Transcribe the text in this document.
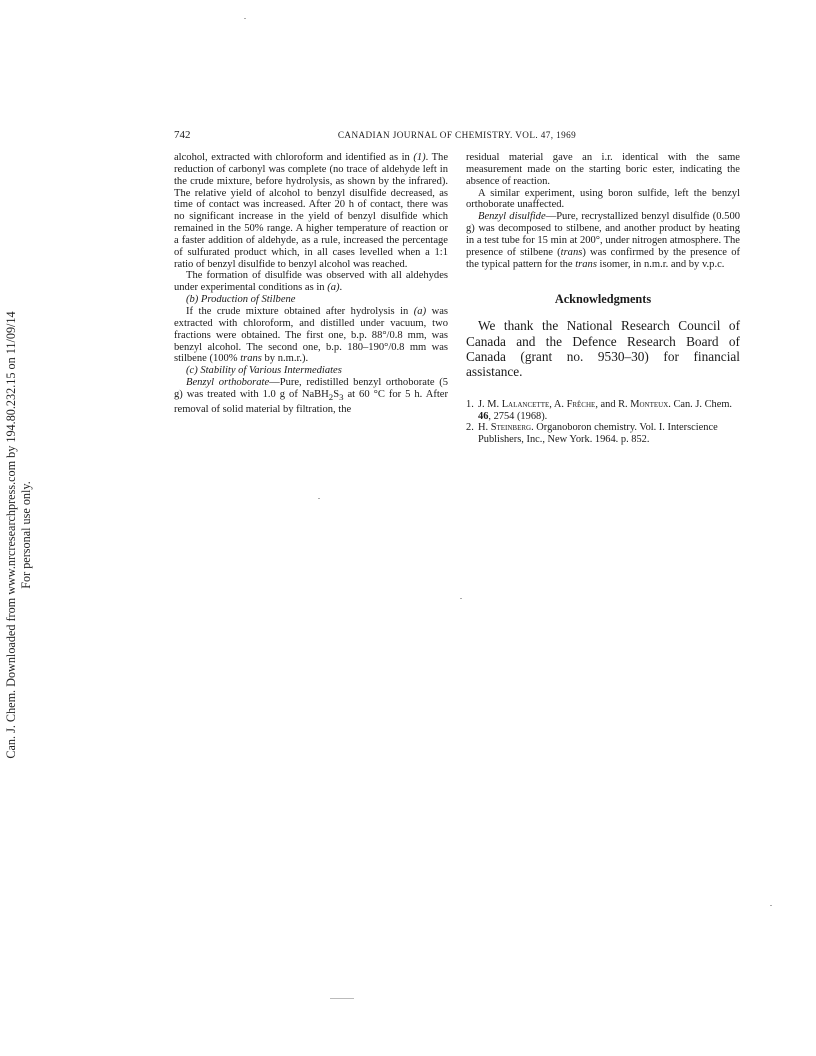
Can. J. Chem. Downloaded from www.nrcresearchpress.com by 194.80.232.15 on 11/09/14 For personal use only.
742	CANADIAN JOURNAL OF CHEMISTRY. VOL. 47, 1969

alcohol, extracted with chloroform and identified as in (1). The reduction of carbonyl was complete (no trace of aldehyde left in the crude mixture, before hydrolysis, as shown by the infrared). The relative yield of alcohol to benzyl disulfide decreased, as time of contact was increased. After 20 h of contact, there was no significant increase in the yield of benzyl disulfide which remained in the 50% range. A higher temperature of reaction or a faster addition of aldehyde, as a rule, increased the percentage of sulfurated product which, in all cases levelled when a 1:1 ratio of benzyl disulfide to benzyl alcohol was reached.

The formation of disulfide was observed with all aldehydes under experimental conditions as in (a).

(b) Production of Stilbene

If the crude mixture obtained after hydrolysis in (a) was extracted with chloroform, and distilled under vacuum, two fractions were obtained. The first one, b.p. 88°/0.8 mm, was benzyl alcohol. The second one, b.p. 180–190°/0.8 mm was stilbene (100% trans by n.m.r.).

(c) Stability of Various Intermediates

Benzyl orthoborate—Pure, redistilled benzyl orthoborate (5 g) was treated with 1.0 g of $NaBH_2S_3$ at 60 °C for 5 h. After removal of solid material by filtration, the

residual material gave an i.r. identical with the same measurement made on the starting boric ester, indicating the absence of reaction.

A similar experiment, using boron sulfide, left the benzyl orthoborate unaffected.

Benzyl disulfide—Pure, recrystallized benzyl disulfide (0.500 g) was decomposed to stilbene, and another product by heating in a test tube for 15 min at 200°, under nitrogen atmosphere. The presence of stilbene (trans) was confirmed by the presence of the typical pattern for the trans isomer, in n.m.r. and by v.p.c.

Acknowledgments

We thank the National Research Council of Canada and the Defence Research Board of Canada (grant no. 9530–30) for financial assistance.

1. J. M. Lalancette, A. Frêche, and R. Monteux. Can. J. Chem. 46, 2754 (1968).
2. H. Steinberg. Organoboron chemistry. Vol. I. Interscience Publishers, Inc., New York. 1964. p. 852.
